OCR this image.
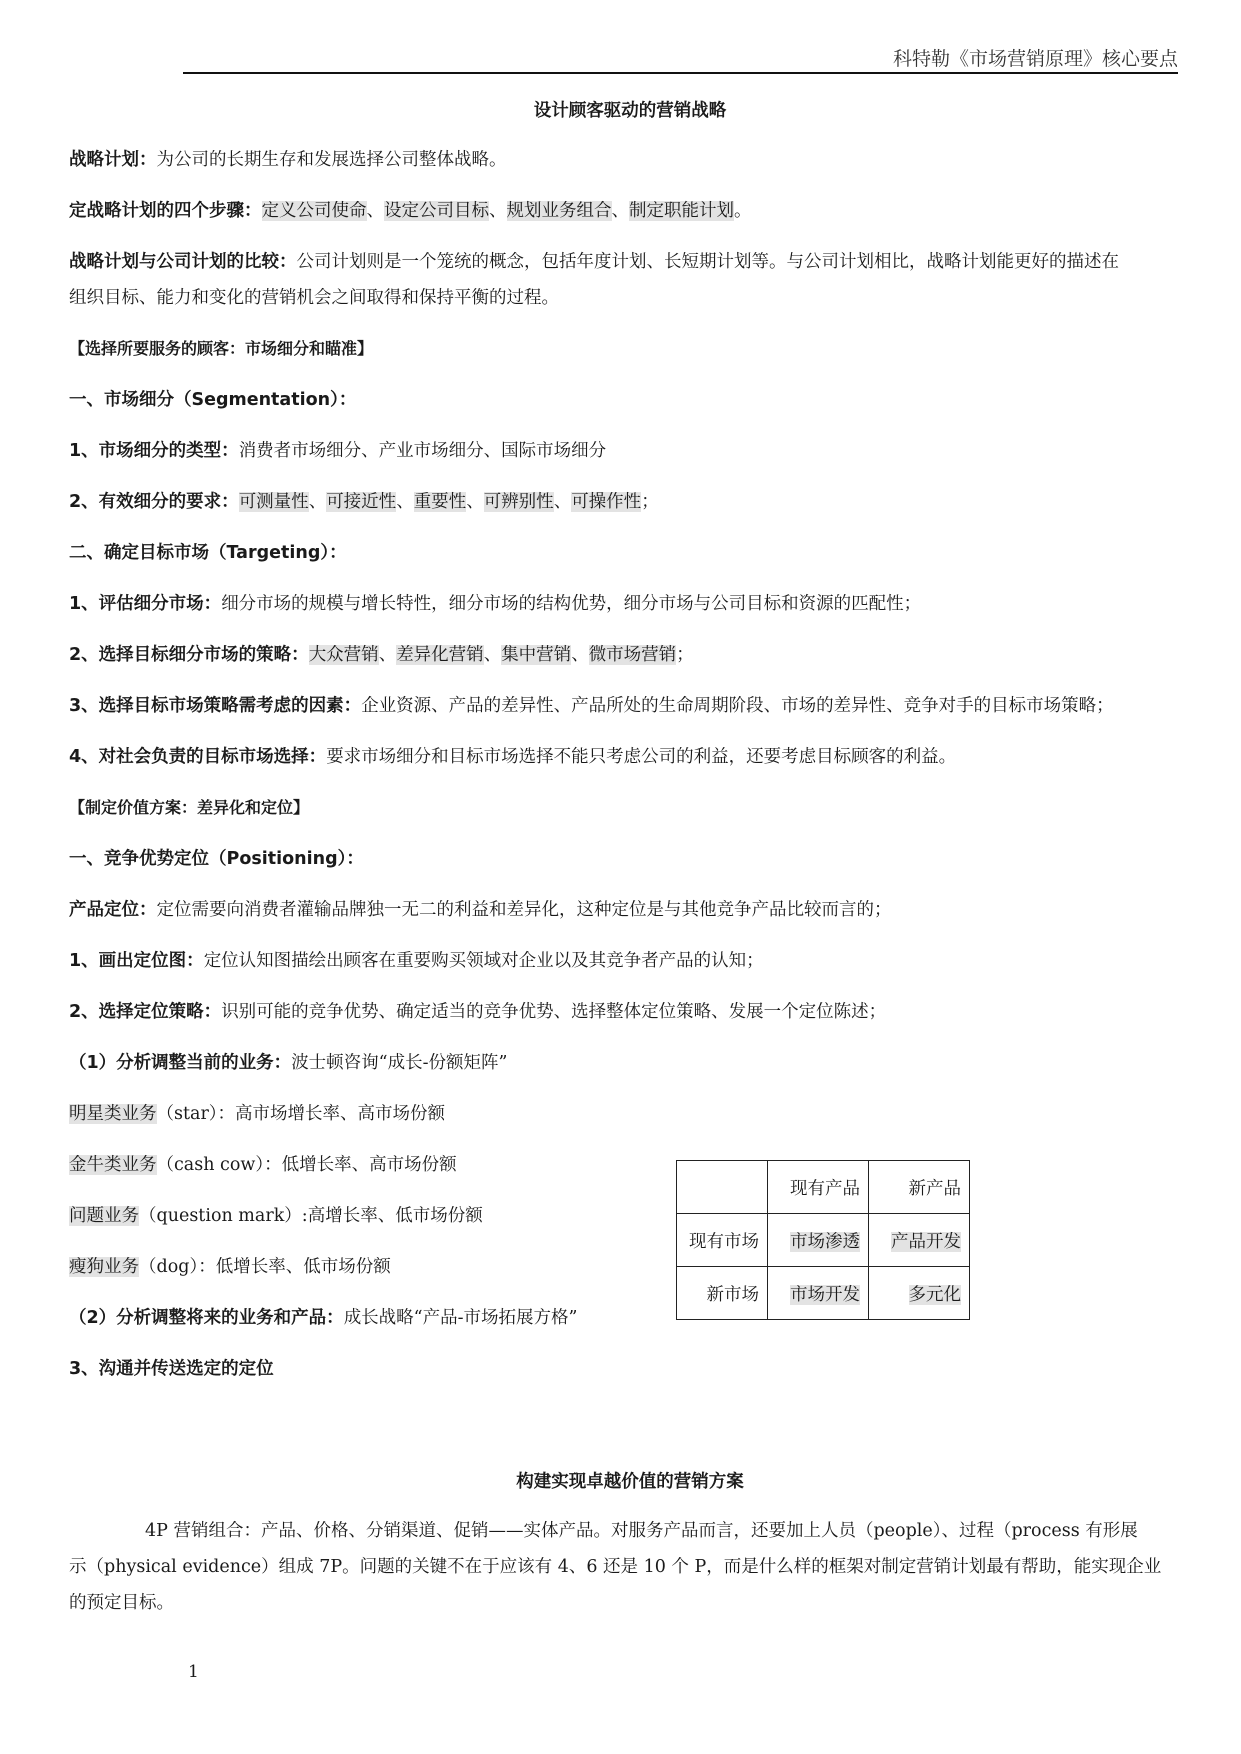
科特勒《市场营销原理》核心要点
设计顾客驱动的营销战略
战略计划：为公司的长期生存和发展选择公司整体战略。
定战略计划的四个步骤：定义公司使命、设定公司目标、规划业务组合、制定职能计划。
战略计划与公司计划的比较：公司计划则是一个笼统的概念，包括年度计划、长短期计划等。与公司计划相比，战略计划能更好的描述在
组织目标、能力和变化的营销机会之间取得和保持平衡的过程。
【选择所要服务的顾客：市场细分和瞄准】
一、市场细分（Segmentation）：
1、市场细分的类型：消费者市场细分、产业市场细分、国际市场细分
2、有效细分的要求：可测量性、可接近性、重要性、可辨别性、可操作性；
二、确定目标市场（Targeting）：
1、评估细分市场：细分市场的规模与增长特性，细分市场的结构优势，细分市场与公司目标和资源的匹配性；
2、选择目标细分市场的策略：大众营销、差异化营销、集中营销、微市场营销；
3、选择目标市场策略需考虑的因素：企业资源、产品的差异性、产品所处的生命周期阶段、市场的差异性、竞争对手的目标市场策略；
4、对社会负责的目标市场选择：要求市场细分和目标市场选择不能只考虑公司的利益，还要考虑目标顾客的利益。
【制定价值方案：差异化和定位】
一、竞争优势定位（Positioning）：
产品定位：定位需要向消费者灌输品牌独一无二的利益和差异化，这种定位是与其他竞争产品比较而言的；
1、画出定位图：定位认知图描绘出顾客在重要购买领域对企业以及其竞争者产品的认知；
2、选择定位策略：识别可能的竞争优势、确定适当的竞争优势、选择整体定位策略、发展一个定位陈述；
（1）分析调整当前的业务：波士顿咨询“成长-份额矩阵”
明星类业务（star）：高市场增长率、高市场份额
金牛类业务（cash cow）：低增长率、高市场份额
问题业务（question mark）:高增长率、低市场份额
瘦狗业务（dog）：低增长率、低市场份额
（2）分析调整将来的业务和产品：成长战略“产品-市场拓展方格”
3、沟通并传送选定的定位
	现有产品	新产品
现有市场	市场渗透	产品开发
新市场	市场开发	多元化
构建实现卓越价值的营销方案
4P 营销组合：产品、价格、分销渠道、促销——实体产品。对服务产品而言，还要加上人员（people）、过程（process 有形展
示（physical evidence）组成 7P。问题的关键不在于应该有 4、6 还是 10 个 P，而是什么样的框架对制定营销计划最有帮助，能实现企业
的预定目标。
1
